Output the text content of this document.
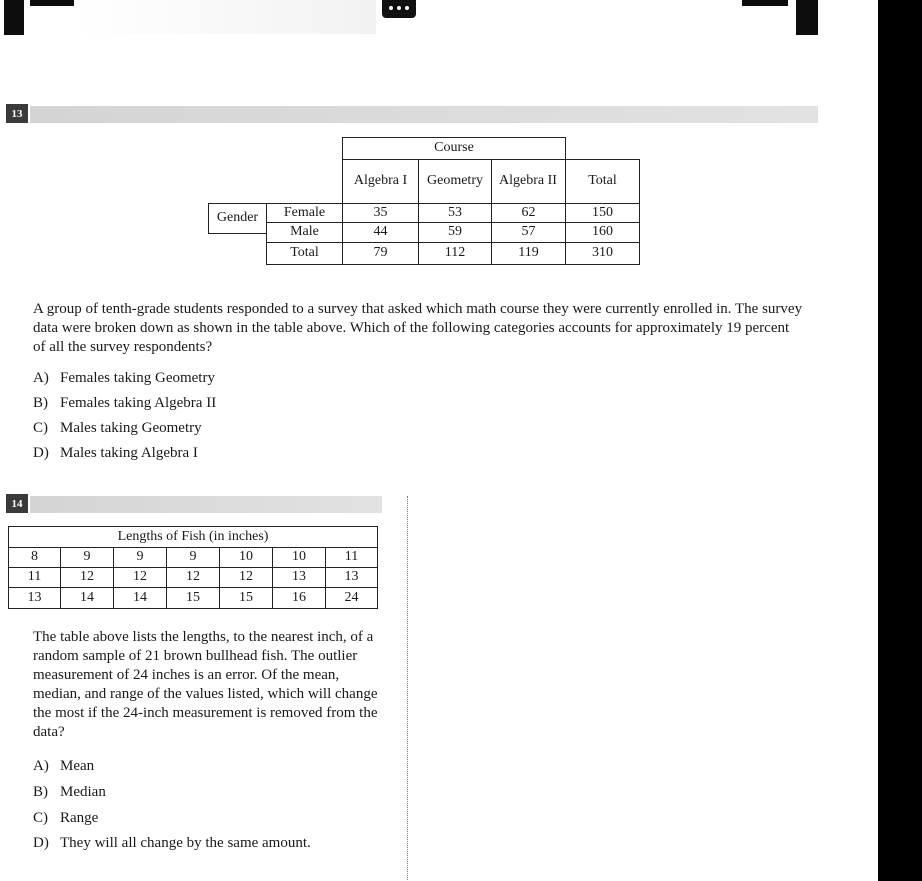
13
Course
Algebra I	Geometry	Algebra II	Total
Gender	Female	35	53	62	150
Male	44	59	57	160
Total	79	112	119	310
A group of tenth-grade students responded to a survey that asked which math course they were currently enrolled in. The survey data were broken down as shown in the table above. Which of the following categories accounts for approximately 19 percent of all the survey respondents?
A) Females taking Geometry
B) Females taking Algebra II
C) Males taking Geometry
D) Males taking Algebra I
14
Lengths of Fish (in inches)
8	9	9	9	10	10	11
11	12	12	12	12	13	13
13	14	14	15	15	16	24
The table above lists the lengths, to the nearest inch, of a random sample of 21 brown bullhead fish. The outlier measurement of 24 inches is an error. Of the mean, median, and range of the values listed, which will change the most if the 24-inch measurement is removed from the data?
A) Mean
B) Median
C) Range
D) They will all change by the same amount.
